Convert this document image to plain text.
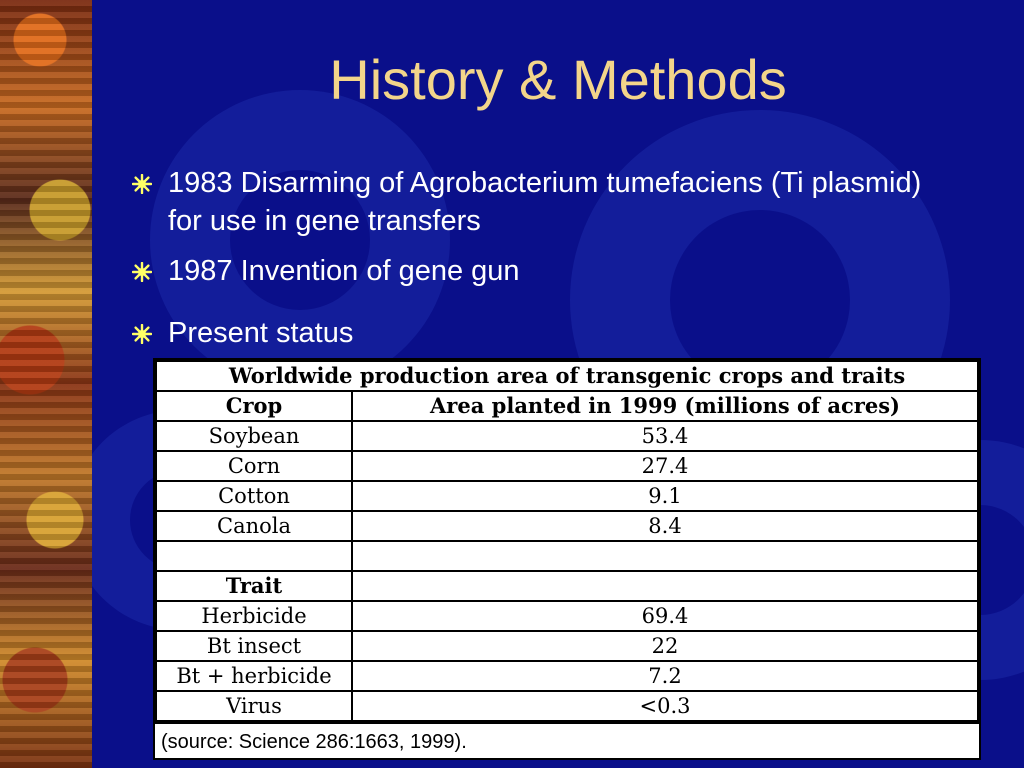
History & Methods
1983 Disarming of Agrobacterium tumefaciens (Ti plasmid) for use in gene transfers
1987 Invention of gene gun
Present status
Worldwide production area of transgenic crops and traits	
Crop	Area planted in 1999 (millions of acres)
Soybean	53.4
Corn	27.4
Cotton	9.1
Canola	8.4

Trait	
Herbicide	69.4
Bt insect	22
Bt + herbicide	7.2
Virus	<0.3
(source: Science 286:1663, 1999).
